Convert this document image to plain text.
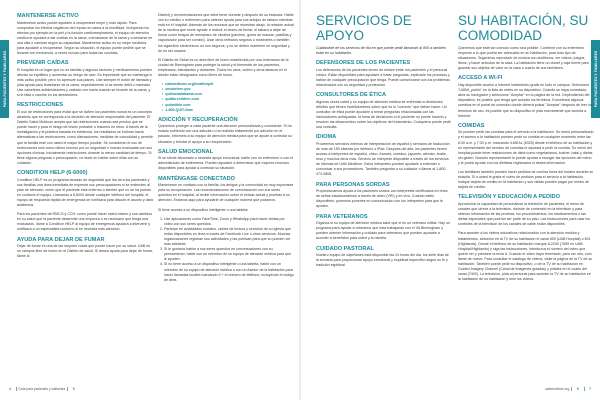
PARA PACIENTES Y FAMILIARES
MANTENERSE ACTIVO

Mantenerse activo puede ayudarle a recuperarse mejor y más rápido. Para comprobar los efectos negativos del reposo en cama a la movilidad, incluyendo los efectos por ejemplo en la piel y la función cardiorrespiratoria, el equipo de atención médica le ayudará a dar vueltas en la cama, a levantarse de la cama y a sentarse en una silla o caminar según su capacidad. Mantenerse activo es su mejor medicina para ayudarle a recuperarse. Según su situación, el equipo puede pedirle que se levante con frecuencia, a veces incluso para todas las comidas.

PREVENIR CAÍDAS

El hospital es un lugar que no es familiar y algunos factores y medicamentos pueden afectar su equilibrio y aumentar su riesgo de caer. Es importante que se mantenga lo más activo posible, pero no apresure sus planes. Use siempre el botón de llamada y pida ayuda para levantarse de la cama, especialmente si se siente débil o mareado. Use calcetines antideslizantes y calzado con suela cuando se levante de la cama, y si le falta o camine en los alrededores.

RESTRICCIONES

El uso de restricciones para evitar que se dañen los pacientes nunca es un concepto aleatorio que se corresponda a la decisión de atención responsable del paciente. El Distrito Salud Muldoon acepta que las restricciones cuando sea preciso que se puede hacer y para el riesgo de lesión probable o lesiones en otros. A través de la investigación y la práctica basada en evidencia, los resultados se inclinan hacia alternativas a las restricciones: como distracciones, medidas de comodidad y permitir que la familia esté con usted el mayor tiempo posible. Se consideran el uso de restricciones solo como último recurso por un seguridad e incluso evaluadas con sus opciones clínicas. Inicialmente restricciones durante la menor cantidad de tiempo. Si tiene alguna pregunta o preocupación, no dude en hablar sobre ellas con su cuidador.

CONDITION HELP (6-6000)

Condition HELP es un programa lanzado de seguridad que les da a los pacientes y sus familias una línea inmediata de expresar sus preocupaciones si se entienden al plan de atención, creen que el paciente está enfermo o sienten que no se ha puesto en contacto el equipo. Llamando a 6-6000 desde cualquier teléfono del hospital, el equipo de respuesta rápida de emergencia se notificará para discutir el asunto y dará asistencia.

Para los pacientes de RMCO y CCH: como puede hacer usted mismo y sus cambios en su salud que la paciente desarrolle una empeora o es necesario que tenga una evaluación, llame a Condition HELP al equipo de emergencia ayudará a intervenir y notificará a un especialista nocturno si se necesita más atención.

AYUDA PARA DEJAR DE FUMAR

Dejar de fumar es una de las mejores cosas que puede hacer por su salud. UAB es un campus libre de humo en el Distrito de salud. Si desea ayuda para dejar de fumar, llame al

District) y recomendaciones que debe tener durante y después de su estancia. Hable con su médico o enfermero para obtener ayuda para sus antojos de tabaco mientras está en el hospital. Además de los recursos que se muestran abajo, la relación actual de la nicotina que suele ayudar a reducir el deseo de fumar, el tabaco a dejar de fumar como terapia de reemplazo de nicotina (parches, goma de mascar, pastillas y vaporizador para ser comido). Usar otros métodos seguros o mostrarles o también los cigarrillos electrónicos no son seguros, y no se deben mantener en seguridad y de en ser usados.

El Distrito de Salud es un área libre de humo establecida por una ordenanza de la ciudad de Birmingham para proteger la salud y el bienestar de los pacientes, empleados, estudiantes y visitantes. Todos los usos, cultivo y otros tabacos en el distrito están designados como libres de humo.

• uabmedicine.org/health/quit
• smokefree.gov
• quitnowalabama.com
• quitforchildren.com
• quitwithin.com
• 1-800-QUIT-Now
ADICCIÓN Y RECUPERACIÓN

Queremos proteger a cada paciente una atención personalizada y consciente. Si ha estado sufriendo con una adicción o ha recibido tratamiento por adicción en el pasado, infórmelo a su equipo de atención médica para que se ayude a controlar su situación y brindar el apoyo a su recuperación.

SALUD EMOCIONAL

Si se siente abrumado o necesita apoyo emocional, hable con un enfermero o con el administrador de enfermería. Pueden ayudarle a determinar qué mejores recursos disponibles para ayudar a controlar su situación.

MANTÉNGASE CONECTADO

Mantenerse en contacto con la familia, los amigos y la comunidad es muy importante para su recuperación. Las recomendaciones de comunicación con sus seres queridos en el hospital, al recibir información sobre el estado actual y pruebas a su atención. Estamos aquí para ayudarle de cualquier manera que podamos.

Si tiene acceso a un dispositivo inteligente o una tableta:

1. Use aplicaciones como FaceTime, Zoom y WhatsApp para hacer visitas por video con sus seres queridos.
2. Participe en actividades sociales, clubes de lectura y servicios de su iglesia que están disponibles en línea a través de Facebook Live u otros servicios. Muchas organizaciones registran sus actividades y las publican para que su pueden ver más adelante.
3. Si le gustaría hablar a sus seres queridos en conversaciones con su pensamiento, hable con un miembro de su equipo de atención médica para que le ayuden.
4. Si no tiene acceso a un dispositivo inteligente o una tableta, hable con un miembro de su equipo de atención médica o con un Asesor de la habitación para hacer llamadas locales marcando 9 + el número de teléfono, incluyendo el código de área.
4 Guía para pacientes y visitantes 5
PARA PACIENTES Y FAMILIARES
SERVICIOS DE APOYO

Cuidándole de los servicios de día en que puede pedir llamando al 800 a también estar en su habitación.

DEFENSORES DE LOS PACIENTES

Los defensores de los pacientes sirven de enlace entre los pacientes y el personal clínico. Están disponibles para ayudarle a tratar preguntas, explicarle los procesos y hablar de cualquier preocupación que tenga. Puede comunicarse con los problemas relacionados con su seguridad y protección.

CONSULTORES DE ÉTICA

Algunas veces usted y su equipo de atención médica se enfrentan a decisiones difíciles que tienen incertidumbres sobre qué es lo "correcto" que deben hacer. Un consultor de ética puede ayudarle a tomar preguntas relacionadas con las instrucciones anticipadas, la toma de decisiones si el paciente no puede hacerlo y resolver las desacuerdos sobre los objetivos del tratamiento. Cualquiera puede pedir una consulta.

IDIOMA

Proveemos servicios internos de interpretación de español y servicios de traducción de más de 150 idiomas por teléfono o iPad. Después del alta, los pacientes tienen acceso a intérpretes de español, chino, francés, coreano, japonés, alemán, árabe, ruso y muchos otros más. Servicio de intérprete disponible a través de los servicios de idiomas de UAB Medicine. Estos intérpretes pueden ayudarle a entender o comunicar a sus proveedores. También preguntar a su cuidador o llamar al 1-800-473-0808.

PARA PERSONAS SORDAS

Proporcionamos ayuda a los pacientes sordos con intérpretes certificados en línea de señas estadounidense a través de video (VRI) y en vivo. Cuando estén disponibles, ponemos ponerles en comunicación con los intérpretes para que le ayuden.

PARA VETERANOS

Díganos si su equipo de atención médica sabe que el es un veterano militar. Hay un programa para ayudar a veteranos que está trabajando con el VA Birmingham y pueden obtener información y cuidado para veteranos que pueden ayudarle a acceder a beneficios para usted y su familia.

CUIDADO PASTORAL

Nuestro equipo de capellanes está disponible las 24 horas del día, los siete días de la semana para proporcionar apoyo emocional y espiritual específico según su fe y tradición espiritual.

SU HABITACIÓN, SU COMODIDAD

Queremos que esté tan cómodo como sea posible. Confírme con su enfermero respecto a lo que podría ser adecuado en su habitación, para todo tipo de situaciones. Sugerimos reproducir de música con audífonos, ver videos, juegos, libros, y hacer artículos de la casa. La habitación tiene un closet y caja fuerte para guardar sus objetos de valor en la casa o cuarto de sus familiares.

ACCESO A WI-FI

Hay disponible acceso a Internet inalámbrico gratis en todo el campus. Seleccione "UABH_public" en la lista de redes en su dispositivo. Cuando se haya conectado, abra su navegador y seleccione "Aceptar" en la página de la red. Dependiendo del dispositivo, es posible que tenga que aceptar los términos. Encontrará algunos cambios en el portal de conexión donde deberá pulsar "Aceptar" después de leer los términos de uso, es posible que su dispositivo le pida nuevamente que acceda a Internet.

COMIDAS

Se pueden pedir las comidas para el servicio a la habitación. Su menú personalizado y el acceso a la habitación pueden pedir su comida en cualquier momento entre las 6:30 a.m. y 7:30 p.m. marcando 4-MEAL (6325) desde el teléfono de su habitación y un representante del servicio de comidas le ayudará a pedir la comida. Su menú del hospital puede tener restricciones de dieta como vegetarianos, kosher, halal y dietas sin gluten. Nuestro representante le puede ayudar a escoger las opciones del menú y le podrá ayudar con los dietistas registrados si desea información.

Los familiares también pueden hacer pedidos de comida fuera del horario durante su estadía. Si a usted le gusta el cobro de pedidos para el servicio a la habitación, indique tarjeta de crédito en la habitación y sus visitas pueden pagar por medio de tarjeta de crédito.

TELEVISIÓN Y EDUCACIÓN A PEDIDO

Aprovechar la capacidad de personalizar la televisión de pacientes, el menú de canales que ofrece a la televisión, disfrute de contenido en la televisión y para obtener información de las pruebas, los procedimientos, los medicamentos o las dietas especiales que podrían ser parte de su plan. Las instrucciones para usar los controles de la televisión de los canales de cable están disponibles.

Para acceder a los videos educativos relacionados con la atención médica y tratamientos, sintonice en la TV de su habitación el canal 600 (UAB Hospital) o 601 (Highlands). Desde el teléfono de su habitación marque 6-2200 (7555 en UAB Hospital/Highlands) y siga las instrucciones. Introduzca el número del video que quiere ver y presione la tecla #. Cuando el video haya terminado, para ver otro, solo llame de nuevo. Para consultar el catálogo de videos, visite la página de la TV de su habitación. También puede pedir su dispositivo, o de la TV de su habitación en Guided Imagery Channel (Canal de Imágenes guiadas) y pídales en el cuarto del canal (7400). La televisión, pida al personal para acceder la TV de su habitación en la habitación de su habitación y mire los videos.

uabmedicine.org 6	7
